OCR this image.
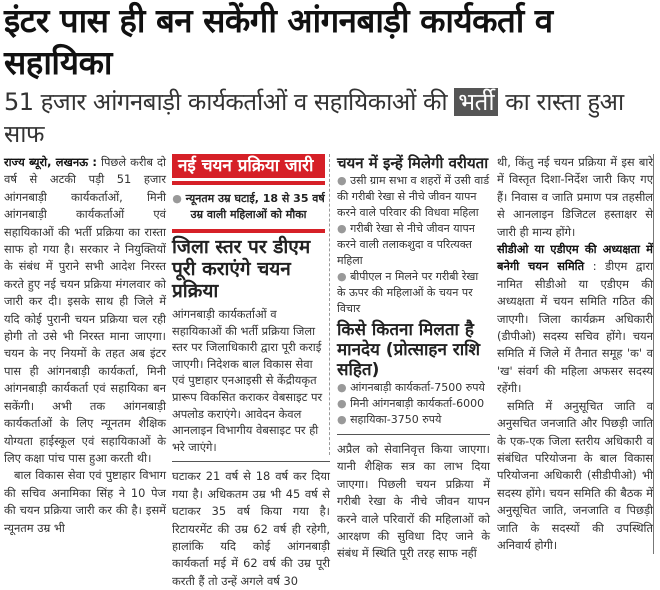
इंटर पास ही बन सकेंगी आंगनबाड़ी कार्यकर्ता व सहायिका
51 हजार आंगनबाड़ी कार्यकर्ताओं व सहायिकाओं की भर्ती का रास्ता हुआ साफ

राज्य ब्यूरो, लखनऊ : पिछले करीब दो वर्ष से अटकी पड़ी 51 हजार आंगनबाड़ी कार्यकर्ताओं, मिनी आंगनबाड़ी कार्यकर्ताओं एवं सहायिकाओं की भर्ती प्रक्रिया का रास्ता साफ हो गया है। सरकार ने नियुक्तियों के संबंध में पुराने सभी आदेश निरस्त करते हुए नई चयन प्रक्रिया मंगलवार को जारी कर दी। इसके साथ ही जिले में यदि कोई पुरानी चयन प्रक्रिया चल रही होगी तो उसे भी निरस्त माना जाएगा। चयन के नए नियमों के तहत अब इंटर पास ही आंगनबाड़ी कार्यकर्ता, मिनी आंगनबाड़ी कार्यकर्ता एवं सहायिका बन सकेंगी। अभी तक आंगनबाड़ी कार्यकर्ताओं के लिए न्यूनतम शैक्षिक योग्यता हाईस्कूल एवं सहायिकाओं के लिए कक्षा पांच पास हुआ करती थी।

बाल विकास सेवा एवं पुष्टाहार विभाग की सचिव अनामिका सिंह ने 10 पेज की चयन प्रक्रिया जारी कर की है। इसमें न्यूनतम उम्र भी

नई चयन प्रक्रिया जारी
● न्यूनतम उम्र घटाई, 18 से 35 वर्ष उम्र वाली महिलाओं को मौका
जिला स्तर पर डीएम पूरी कराएंगे चयन प्रक्रिया

आंगनबाड़ी कार्यकर्ताओं व सहायिकाओं की भर्ती प्रक्रिया जिला स्तर पर जिलाधिकारी द्वारा पूरी कराई जाएगी। निदेशक बाल विकास सेवा एवं पुष्टाहार एनआइसी से केंद्रीयकृत प्रारूप विकसित कराकर वेबसाइट पर अपलोड कराएंगे। आवेदन केवल आनलाइन विभागीय वेबसाइट पर ही भरे जाएंगे।

घटाकर 21 वर्ष से 18 वर्ष कर दिया गया है। अधिकतम उम्र भी 45 वर्ष से घटाकर 35 वर्ष किया गया है। रिटायरमेंट की उम्र 62 वर्ष ही रहेगी, हालांकि यदि कोई आंगनबाड़ी कार्यकर्ता मई में 62 वर्ष की उम्र पूरी करती हैं तो उन्हें अगले वर्ष 30

चयन में इन्हें मिलेगी वरीयता
● उसी ग्राम सभा व शहरों में उसी वार्ड की गरीबी रेखा से नीचे जीवन यापन करने वाले परिवार की विधवा महिला
● गरीबी रेखा से नीचे जीवन यापन करने वाली तलाकशुदा व परित्यक्त महिला
● बीपीएल न मिलने पर गरीबी रेखा के ऊपर की महिलाओं के चयन पर विचार
किसे कितना मिलता है मानदेय (प्रोत्साहन राशि सहित)
● आंगनबाड़ी कार्यकर्ता-7500 रुपये
● मिनी आंगनबाड़ी कार्यकर्ता-6000
● सहायिका-3750 रुपये

अप्रैल को सेवानिवृत्त किया जाएगा। यानी शैक्षिक सत्र का लाभ दिया जाएगा। पिछली चयन प्रक्रिया में गरीबी रेखा के नीचे जीवन यापन करने वाले परिवारों की महिलाओं को आरक्षण की सुविधा दिए जाने के संबंध में स्थिति पूरी तरह साफ नहीं

थी, किंतु नई चयन प्रक्रिया में इस बारे में विस्तृत दिशा-निर्देश जारी किए गए हैं। निवास व जाति प्रमाण पत्र तहसील से आनलाइन डिजिटल हस्ताक्षर से जारी ही मान्य होंगे।

सीडीओ या एडीएम की अध्यक्षता में बनेगी चयन समिति : डीएम द्वारा नामित सीडीओ या एडीएम की अध्यक्षता में चयन समिति गठित की जाएगी। जिला कार्यक्रम अधिकारी (डीपीओ) सदस्य सचिव होंगे। चयन समिति में जिले में तैनात समूह 'क' व 'ख' संवर्ग की महिला अफसर सदस्य रहेंगी।

समिति में अनुसूचित जाति व अनुसचित जनजाति और पिछड़ी जाति के एक-एक जिला स्तरीय अधिकारी व संबंधित परियोजना के बाल विकास परियोजना अधिकारी (सीडीपीओ) भी सदस्य होंगे। चयन समिति की बैठक में अनुसूचित जाति, जनजाति व पिछड़ी जाति के सदस्यों की उपस्थिति अनिवार्य होगी।
